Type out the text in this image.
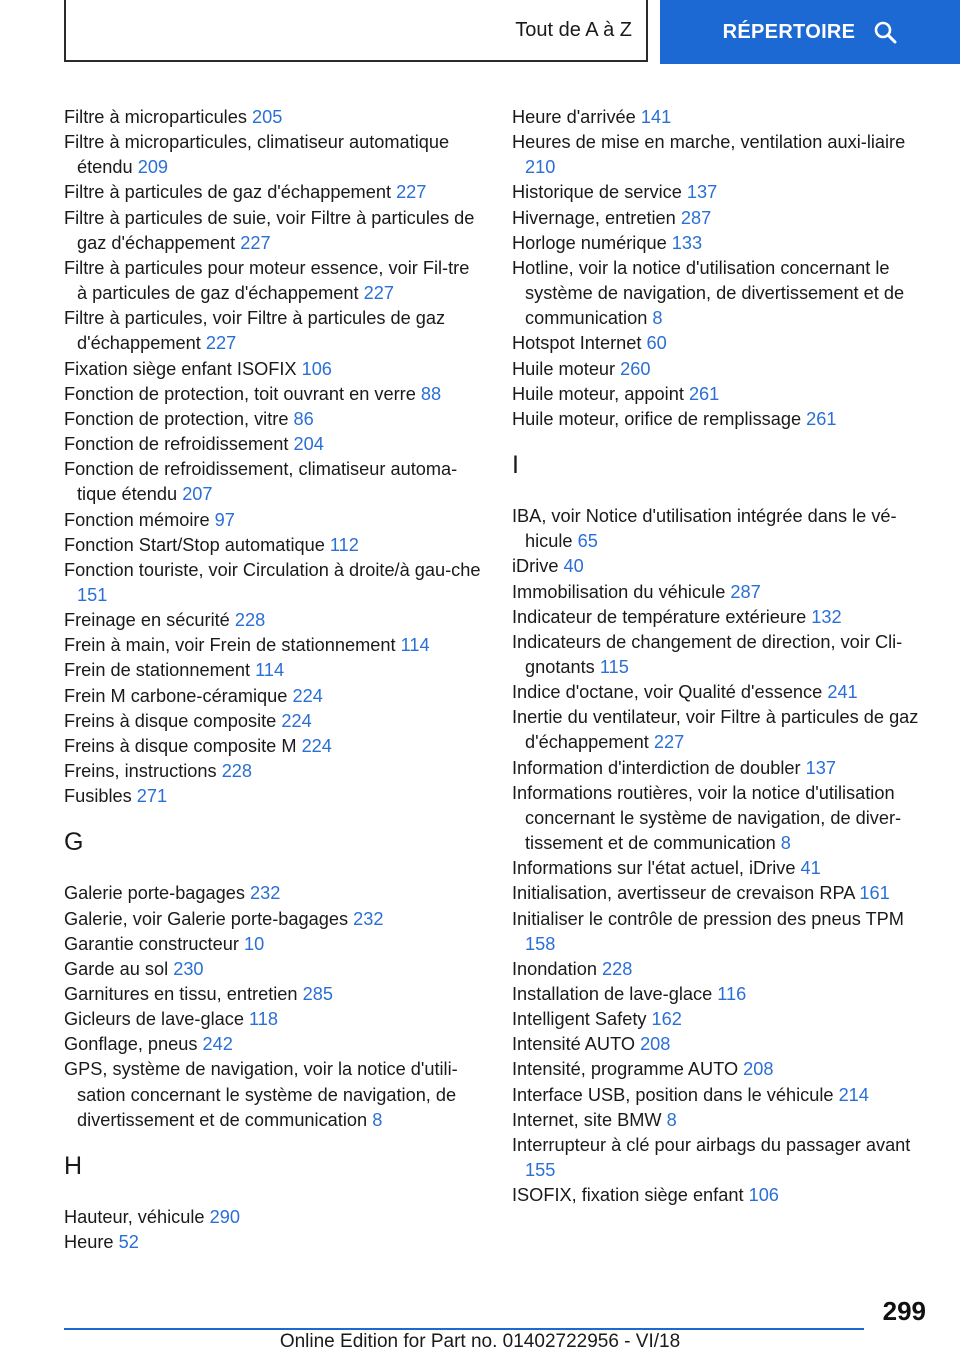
Tout de A à Z	RÉPERTOIRE
Filtre à microparticules 205
Filtre à microparticules, climatiseur automatique étendu 209
Filtre à particules de gaz d'échappement 227
Filtre à particules de suie, voir Filtre à particules de gaz d'échappement 227
Filtre à particules pour moteur essence, voir Fil‐tre à particules de gaz d'échappement 227
Filtre à particules, voir Filtre à particules de gaz d'échappement 227
Fixation siège enfant ISOFIX 106
Fonction de protection, toit ouvrant en verre 88
Fonction de protection, vitre 86
Fonction de refroidissement 204
Fonction de refroidissement, climatiseur automa‐tique étendu 207
Fonction mémoire 97
Fonction Start/Stop automatique 112
Fonction touriste, voir Circulation à droite/à gau‐che 151
Freinage en sécurité 228
Frein à main, voir Frein de stationnement 114
Frein de stationnement 114
Frein M carbone-céramique 224
Freins à disque composite 224
Freins à disque composite M 224
Freins, instructions 228
Fusibles 271
G
Galerie porte-bagages 232
Galerie, voir Galerie porte-bagages 232
Garantie constructeur 10
Garde au sol 230
Garnitures en tissu, entretien 285
Gicleurs de lave-glace 118
Gonflage, pneus 242
GPS, système de navigation, voir la notice d'utili‐sation concernant le système de navigation, de divertissement et de communication 8
H
Hauteur, véhicule 290
Heure 52
Heure d'arrivée 141
Heures de mise en marche, ventilation auxi‐liaire 210
Historique de service 137
Hivernage, entretien 287
Horloge numérique 133
Hotline, voir la notice d'utilisation concernant le système de navigation, de divertissement et de communication 8
Hotspot Internet 60
Huile moteur 260
Huile moteur, appoint 261
Huile moteur, orifice de remplissage 261
I
IBA, voir Notice d'utilisation intégrée dans le vé‐hicule 65
iDrive 40
Immobilisation du véhicule 287
Indicateur de température extérieure 132
Indicateurs de changement de direction, voir Cli‐gnotants 115
Indice d'octane, voir Qualité d'essence 241
Inertie du ventilateur, voir Filtre à particules de gaz d'échappement 227
Information d'interdiction de doubler 137
Informations routières, voir la notice d'utilisation concernant le système de navigation, de diver‐tissement et de communication 8
Informations sur l'état actuel, iDrive 41
Initialisation, avertisseur de crevaison RPA 161
Initialiser le contrôle de pression des pneus TPM 158
Inondation 228
Installation de lave-glace 116
Intelligent Safety 162
Intensité AUTO 208
Intensité, programme AUTO 208
Interface USB, position dans le véhicule 214
Internet, site BMW 8
Interrupteur à clé pour airbags du passager avant 155
ISOFIX, fixation siège enfant 106
299
Online Edition for Part no. 01402722956 - VI/18
